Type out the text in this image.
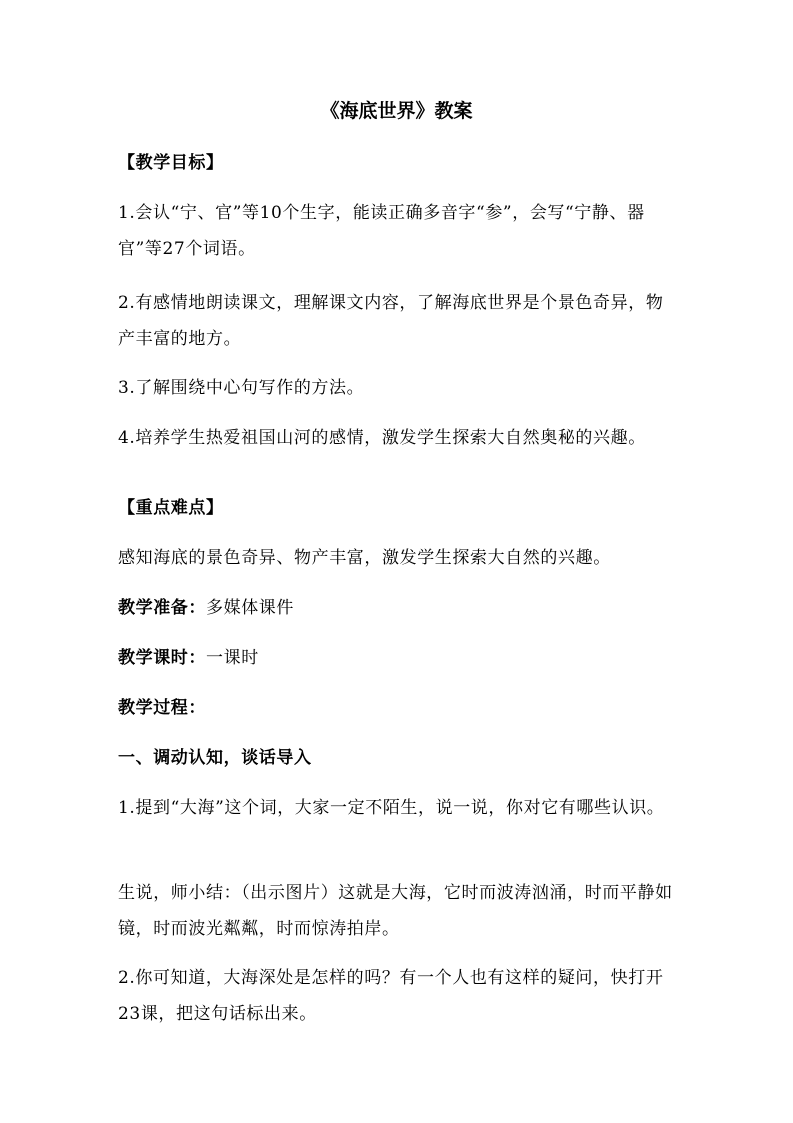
《海底世界》教案
【教学目标】
1.会认“宁、官”等10个生字，能读正确多音字“参”，会写“宁静、器官”等27个词语。
2.有感情地朗读课文，理解课文内容，了解海底世界是个景色奇异，物产丰富的地方。
3.了解围绕中心句写作的方法。
4.培养学生热爱祖国山河的感情，激发学生探索大自然奥秘的兴趣。
【重点难点】
感知海底的景色奇异、物产丰富，激发学生探索大自然的兴趣。
教学准备：多媒体课件
教学课时：一课时
教学过程：
一、调动认知，谈话导入
1.提到“大海”这个词，大家一定不陌生，说一说，你对它有哪些认识。
生说，师小结：（出示图片）这就是大海，它时而波涛汹涌，时而平静如镜，时而波光粼粼，时而惊涛拍岸。
2.你可知道，大海深处是怎样的吗？有一个人也有这样的疑问，快打开23课，把这句话标出来。
